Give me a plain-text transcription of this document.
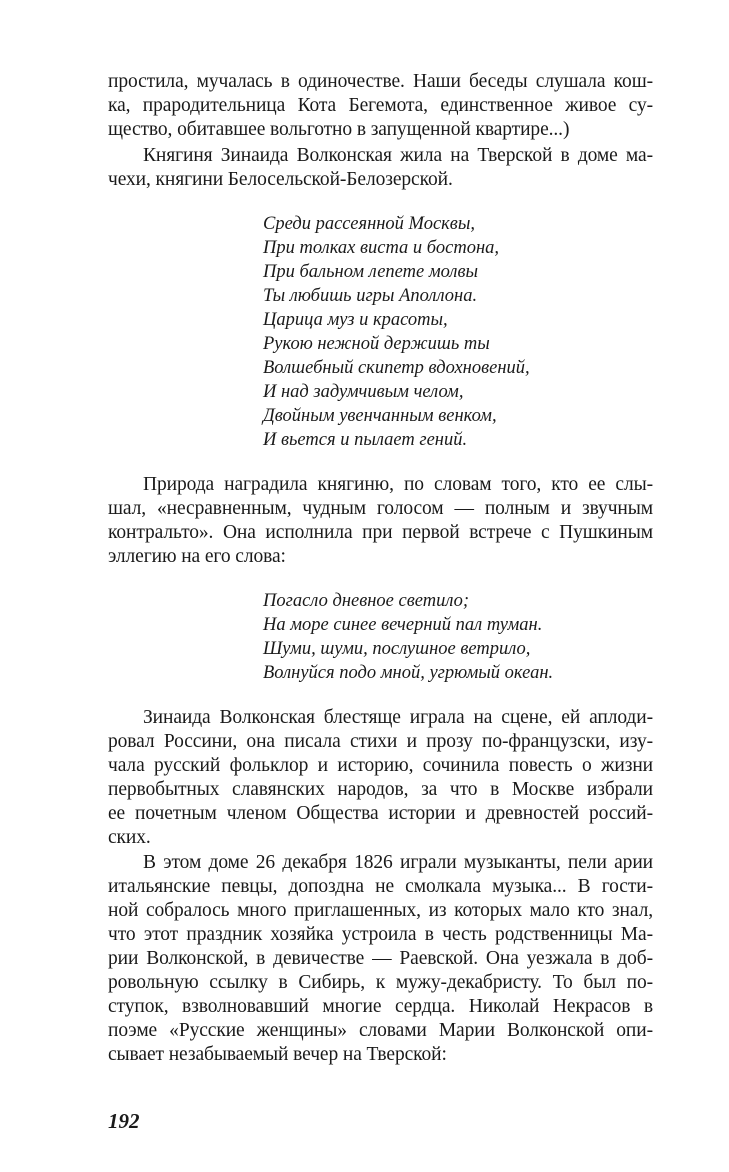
простила, мучалась в одиночестве. Наши беседы слушала кош-
ка, прародительница Кота Бегемота, единственное живое су-
щество, обитавшее вольготно в запущенной квартире...)
Княгиня Зинаида Волконская жила на Тверской в доме ма-
чехи, княгини Белосельской-Белозерской.
Среди рассеянной Москвы,
При толках виста и бостона,
При бальном лепете молвы
Ты любишь игры Аполлона.
Царица муз и красоты,
Рукою нежной держишь ты
Волшебный скипетр вдохновений,
И над задумчивым челом,
Двойным увенчанным венком,
И вьется и пылает гений.
Природа наградила княгиню, по словам того, кто ее слы-
шал, «несравненным, чудным голосом — полным и звучным
контральто». Она исполнила при первой встрече с Пушкиным
эллегию на его слова:
Погасло дневное светило;
На море синее вечерний пал туман.
Шуми, шуми, послушное ветрило,
Волнуйся подо мной, угрюмый океан.
Зинаида Волконская блестяще играла на сцене, ей аплоди-
ровал Россини, она писала стихи и прозу по-французски, изу-
чала русский фольклор и историю, сочинила повесть о жизни
первобытных славянских народов, за что в Москве избрали
ее почетным членом Общества истории и древностей россий-
ских.
В этом доме 26 декабря 1826 играли музыканты, пели арии
итальянские певцы, допоздна не смолкала музыка... В гости-
ной собралось много приглашенных, из которых мало кто знал,
что этот праздник хозяйка устроила в честь родственницы Ма-
рии Волконской, в девичестве — Раевской. Она уезжала в доб-
ровольную ссылку в Сибирь, к мужу-декабристу. То был по-
ступок, взволновавший многие сердца. Николай Некрасов в
поэме «Русские женщины» словами Марии Волконской опи-
сывает незабываемый вечер на Тверской:
192
